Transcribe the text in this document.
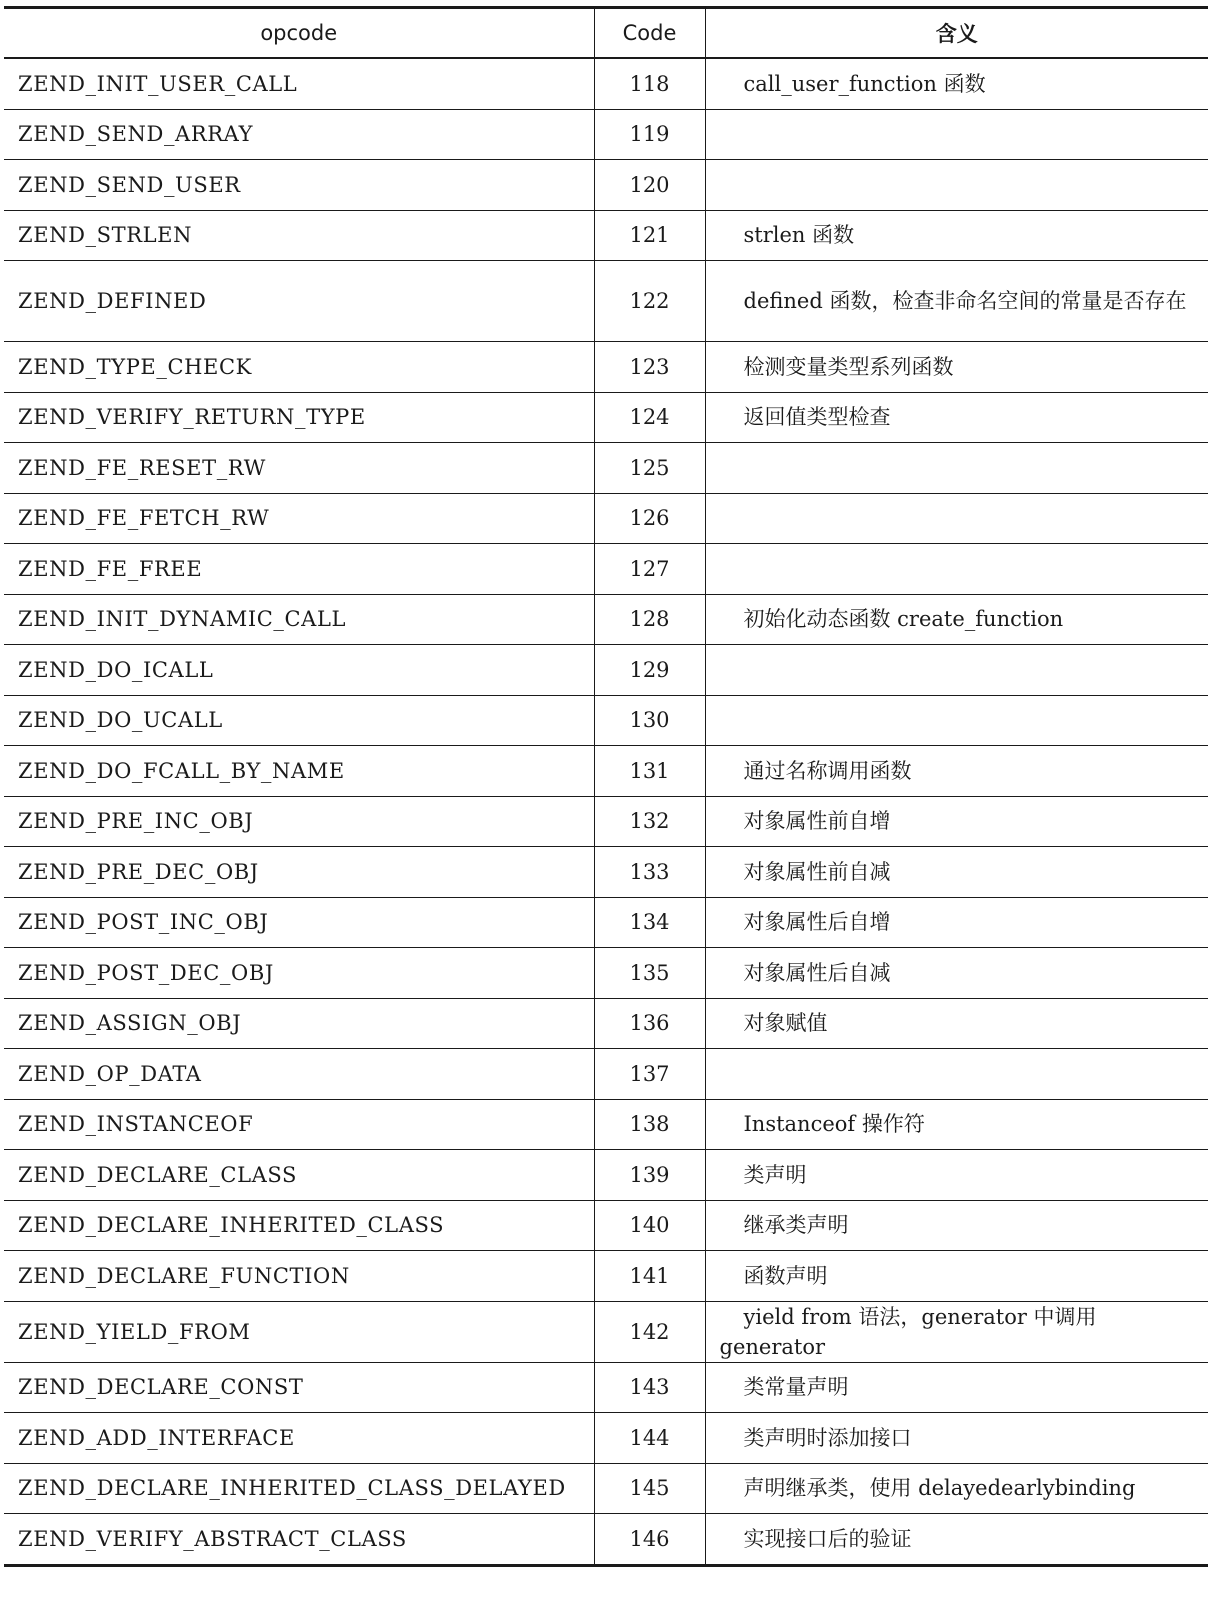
opcode	Code	含义
ZEND_INIT_USER_CALL	118	call_user_function 函数
ZEND_SEND_ARRAY	119	
ZEND_SEND_USER	120	
ZEND_STRLEN	121	strlen 函数
ZEND_DEFINED	122	defined 函数，检查非命名空间的常量是否存在
ZEND_TYPE_CHECK	123	检测变量类型系列函数
ZEND_VERIFY_RETURN_TYPE	124	返回值类型检查
ZEND_FE_RESET_RW	125	
ZEND_FE_FETCH_RW	126	
ZEND_FE_FREE	127	
ZEND_INIT_DYNAMIC_CALL	128	初始化动态函数 create_function
ZEND_DO_ICALL	129	
ZEND_DO_UCALL	130	
ZEND_DO_FCALL_BY_NAME	131	通过名称调用函数
ZEND_PRE_INC_OBJ	132	对象属性前自增
ZEND_PRE_DEC_OBJ	133	对象属性前自减
ZEND_POST_INC_OBJ	134	对象属性后自增
ZEND_POST_DEC_OBJ	135	对象属性后自减
ZEND_ASSIGN_OBJ	136	对象赋值
ZEND_OP_DATA	137	
ZEND_INSTANCEOF	138	Instanceof 操作符
ZEND_DECLARE_CLASS	139	类声明
ZEND_DECLARE_INHERITED_CLASS	140	继承类声明
ZEND_DECLARE_FUNCTION	141	函数声明
ZEND_YIELD_FROM	142	yield from 语法，generator 中调用 generator
ZEND_DECLARE_CONST	143	类常量声明
ZEND_ADD_INTERFACE	144	类声明时添加接口
ZEND_DECLARE_INHERITED_CLASS_DELAYED	145	声明继承类，使用 delayedearlybinding
ZEND_VERIFY_ABSTRACT_CLASS	146	实现接口后的验证
